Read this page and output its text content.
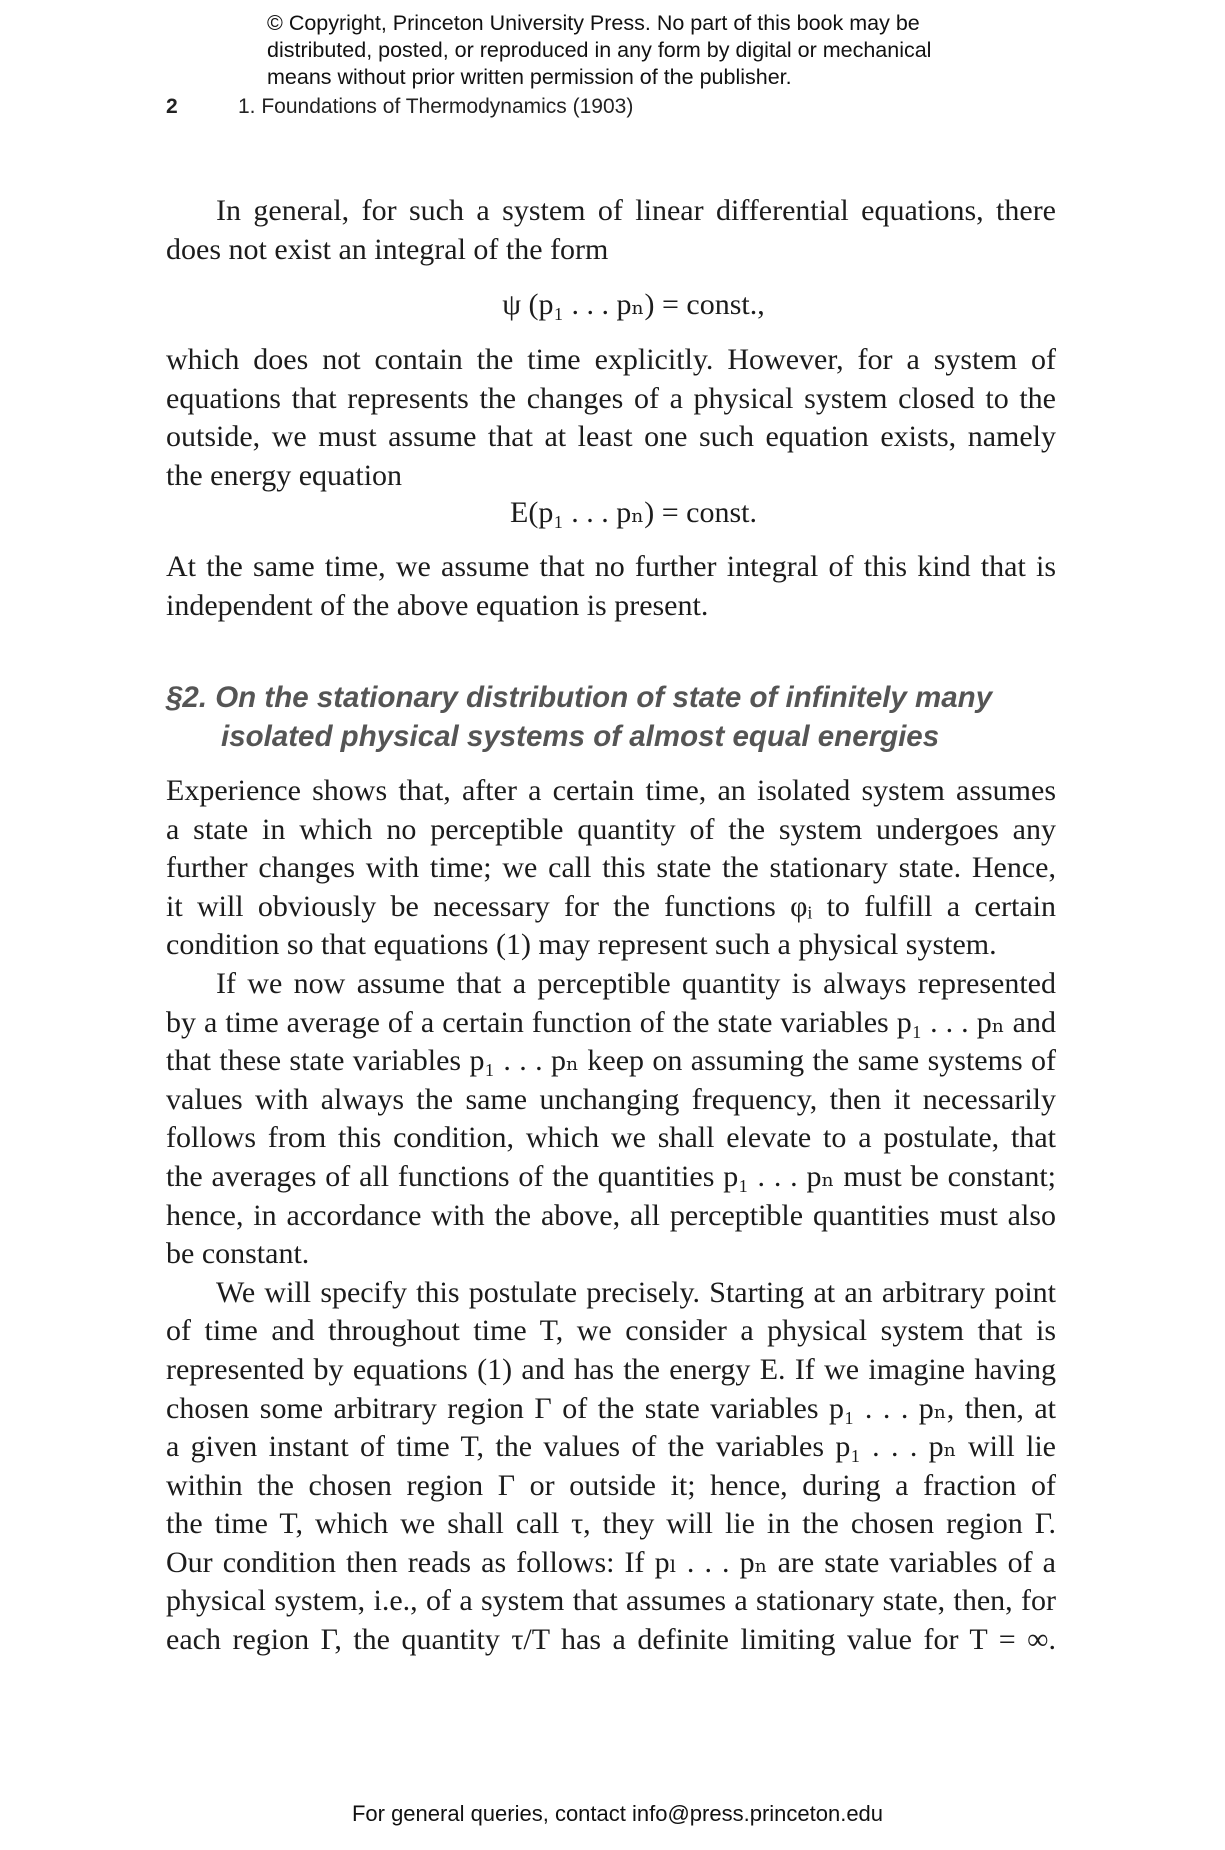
© Copyright, Princeton University Press. No part of this book may be
distributed, posted, or reproduced in any form by digital or mechanical
means without prior written permission of the publisher.
2	1. Foundations of Thermodynamics (1903)
In general, for such a system of linear differential equations, there
does not exist an integral of the form
ψ (p₁ . . . pₙ) = const.,
which does not contain the time explicitly. However, for a system of
equations that represents the changes of a physical system closed to the
outside, we must assume that at least one such equation exists, namely
the energy equation
E(p₁ . . . pₙ) = const.
At the same time, we assume that no further integral of this kind that is
independent of the above equation is present.
§2. On the stationary distribution of state of infinitely many
isolated physical systems of almost equal energies
Experience shows that, after a certain time, an isolated system assumes
a state in which no perceptible quantity of the system undergoes any
further changes with time; we call this state the stationary state. Hence,
it will obviously be necessary for the functions φᵢ to fulfill a certain
condition so that equations (1) may represent such a physical system.
If we now assume that a perceptible quantity is always represented
by a time average of a certain function of the state variables p₁ . . . pₙ and
that these state variables p₁ . . . pₙ keep on assuming the same systems of
values with always the same unchanging frequency, then it necessarily
follows from this condition, which we shall elevate to a postulate, that
the averages of all functions of the quantities p₁ . . . pₙ must be constant;
hence, in accordance with the above, all perceptible quantities must also
be constant.
We will specify this postulate precisely. Starting at an arbitrary point
of time and throughout time T, we consider a physical system that is
represented by equations (1) and has the energy E. If we imagine having
chosen some arbitrary region Γ of the state variables p₁ . . . pₙ, then, at
a given instant of time T, the values of the variables p₁ . . . pₙ will lie
within the chosen region Γ or outside it; hence, during a fraction of
the time T, which we shall call τ, they will lie in the chosen region Γ.
Our condition then reads as follows: If pₗ . . . pₙ are state variables of a
physical system, i.e., of a system that assumes a stationary state, then, for
each region Γ, the quantity τ/T has a definite limiting value for T = ∞.
For general queries, contact info@press.princeton.edu
